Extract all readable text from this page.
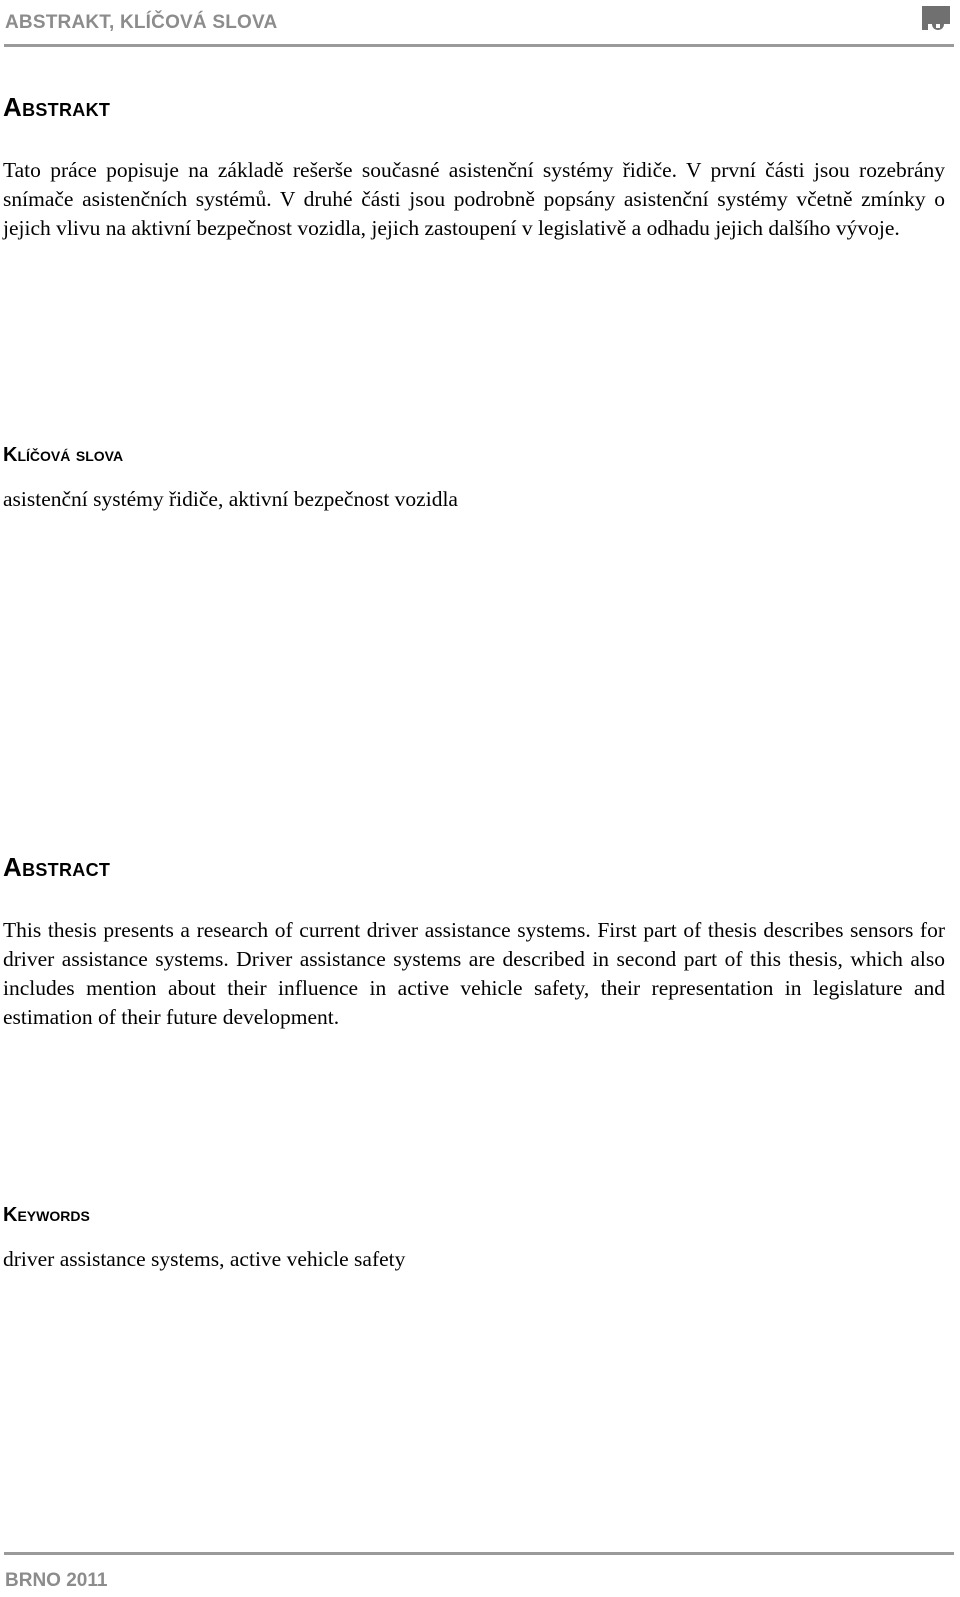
ABSTRAKT, KLÍČOVÁ SLOVA
Abstrakt

Tato práce popisuje na základě rešerše současné asistenční systémy řidiče. V první části jsou rozebrány snímače asistenčních systémů. V druhé části jsou podrobně popsány asistenční systémy včetně zmínky o jejich vlivu na aktivní bezpečnost vozidla, jejich zastoupení v legislativě a odhadu jejich dalšího vývoje.

Klíčová slova

asistenční systémy řidiče, aktivní bezpečnost vozidla

Abstract

This thesis presents a research of current driver assistance systems. First part of thesis describes sensors for driver assistance systems. Driver assistance systems are described in second part of this thesis, which also includes mention about their influence in active vehicle safety, their representation in legislature and estimation of their future development.

Keywords

driver assistance systems, active vehicle safety

BRNO 2011
